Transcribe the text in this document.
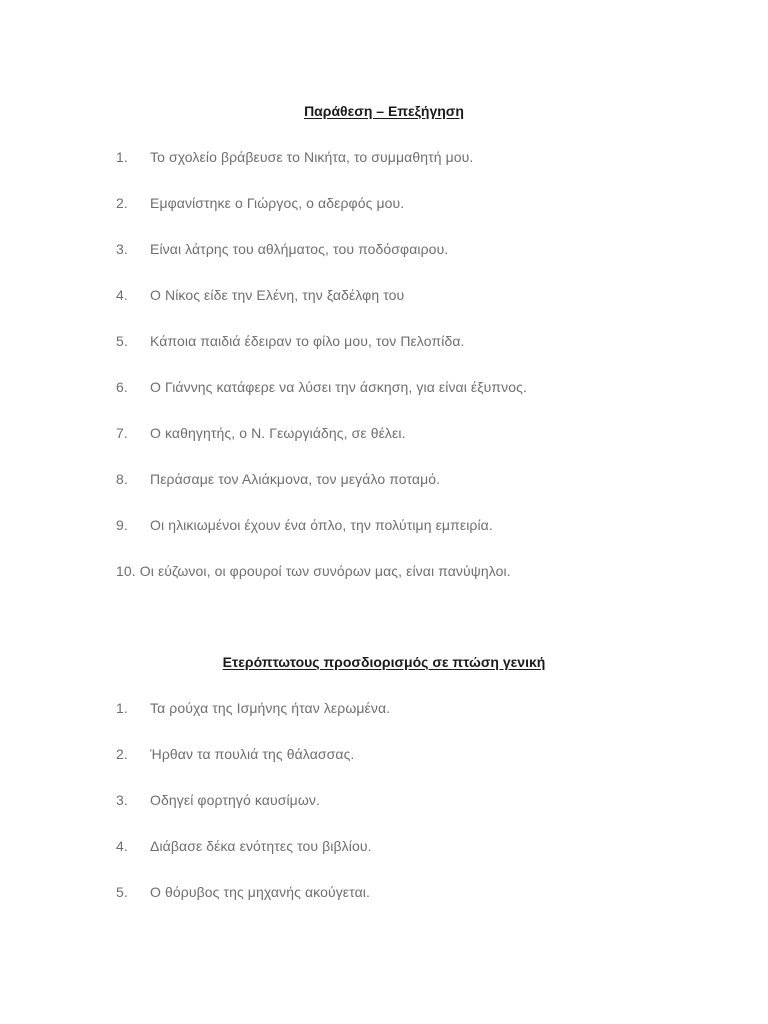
Παράθεση – Επεξήγηση
1. Το σχολείο βράβευσε το Νικήτα, το συμμαθητή μου.
2. Εμφανίστηκε ο Γιώργος, ο αδερφός μου.
3. Είναι λάτρης του αθλήματος, του ποδόσφαιρου.
4. Ο Νίκος είδε την Ελένη, την ξαδέλφη του
5. Κάποια παιδιά έδειραν το φίλο μου, τον Πελοπίδα.
6. Ο Γιάννης κατάφερε να λύσει την άσκηση, για είναι έξυπνος.
7. Ο καθηγητής, ο Ν. Γεωργιάδης, σε θέλει.
8. Περάσαμε τον Αλιάκμονα, τον μεγάλο ποταμό.
9. Οι ηλικιωμένοι έχουν ένα όπλο, την πολύτιμη εμπειρία.
10. Οι εύζωνοι, οι φρουροί των συνόρων μας, είναι πανύψηλοι.
Ετερόπτωτους προσδιορισμός σε πτώση γενική
1. Τα ρούχα της Ισμήνης ήταν λερωμένα.
2. Ήρθαν τα πουλιά της θάλασσας.
3. Οδηγεί φορτηγό καυσίμων.
4. Διάβασε δέκα ενότητες του βιβλίου.
5. Ο θόρυβος της μηχανής ακούγεται.
